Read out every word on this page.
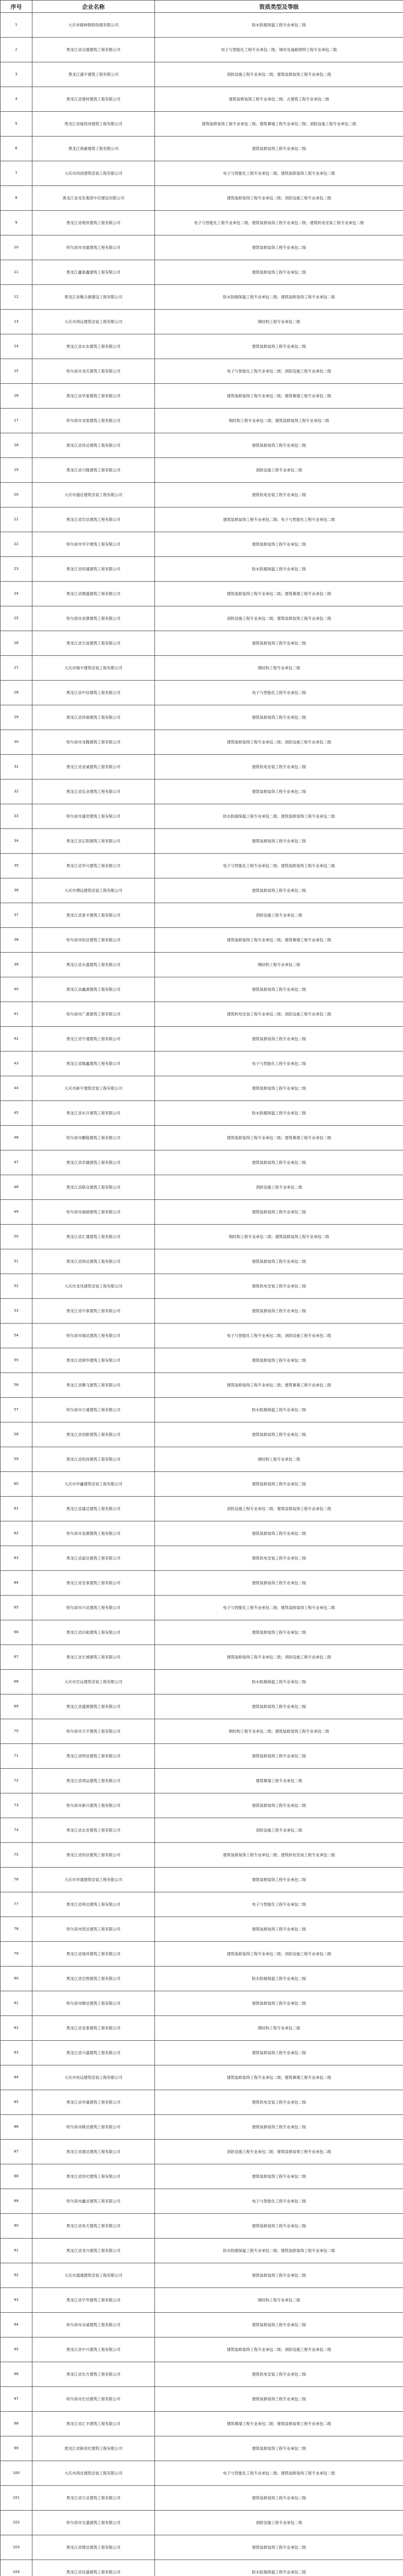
序号	企业名称	资质类型及等级
1	大庆市路林钢铁防腐有限公司	防水防腐保温工程专业承包二级
2	黑龙江省众德建筑工程有限公司	电子与智能化工程专业承包二级；城市及道路照明工程专业承包二级
3	黑龙江盛宇建筑工程有限公司	消防设施工程专业承包二级；建筑装修装饰工程专业承包二级
4	黑龙江省建材建筑工程有限公司	建筑装修装饰工程专业承包二级；古建筑工程专业承包二级
5	黑龙江省瑞昌泽建筑工程有限公司	建筑装修装饰工程专业承包二级；建筑幕墙工程专业承包二级；消防设施工程专业承包二级
6	黑龙江鸿豪建筑工程有限公司	建筑装修装饰工程专业承包二级
7	大庆市同创建筑安装工程有限公司	电子与智能化工程专业承包二级；建筑装修装饰工程专业承包二级
8	黑龙江省龙发集团中庆建设有限公司	建筑装修装饰工程专业承包二级；消防设施工程专业承包二级
9	黑龙江省地恒建筑工程有限公司	电子与智能化工程专业承包二级；建筑装修装饰工程专业承包二级；建筑机电安装工程专业承包二级
10	哈尔滨市龙厦建筑工程有限公司	建筑装修装饰工程专业承包二级
11	黑龙江鑫泰鑫建筑工程有限公司	建筑装修装饰工程专业承包二级
12	黑龙江省聚合源建设工程有限公司	防水防腐保温工程专业承包二级；建筑装修装饰工程专业承包二级
13	大庆市鸿远建筑安装工程有限公司	钢结构工程专业承包二级
14	黑龙江省永东建筑工程有限公司	建筑装修装饰工程专业承包二级
15	哈尔滨市龙庆建筑工程有限公司	电子与智能化工程专业承包二级；消防设施工程专业承包二级
16	黑龙江省华泰建筑工程有限公司	建筑装修装饰工程专业承包二级；建筑幕墙工程专业承包二级
17	哈尔滨市龙旭建筑工程有限公司	钢结构工程专业承包二级；建筑装修装饰工程专业承包二级
18	黑龙江省昌达建筑工程有限公司	建筑装修装饰工程专业承包二级
19	黑龙江省兴隆建筑工程有限公司	消防设施工程专业承包二级
20	大庆市盛达建筑安装工程有限公司	建筑机电安装工程专业承包二级
21	黑龙江省宏达建筑工程有限公司	建筑装修装饰工程专业承包二级；电子与智能化工程专业承包二级
22	哈尔滨市华宇建筑工程有限公司	建筑装修装饰工程专业承包二级
23	黑龙江省恒通建筑工程有限公司	防水防腐保温工程专业承包二级
24	黑龙江省鼎盛建筑工程有限公司	建筑装修装饰工程专业承包二级；建筑幕墙工程专业承包二级
25	哈尔滨市金鼎建筑工程有限公司	消防设施工程专业承包二级；建筑装修装饰工程专业承包二级
26	黑龙江省天成建筑工程有限公司	建筑装修装饰工程专业承包二级
27	大庆市瑞丰建筑安装工程有限公司	钢结构工程专业承包二级
28	黑龙江省中信建筑工程有限公司	电子与智能化工程专业承包二级
29	黑龙江省祥瑞建筑工程有限公司	建筑装修装饰工程专业承包二级
30	哈尔滨市龙腾建筑工程有限公司	建筑装修装饰工程专业承包二级；消防设施工程专业承包二级
31	黑龙江省金诚建筑工程有限公司	建筑机电安装工程专业承包二级
32	黑龙江省弘业建筑工程有限公司	建筑装修装饰工程专业承包二级
33	哈尔滨市盛世建筑工程有限公司	防水防腐保温工程专业承包二级；建筑装修装饰工程专业承包二级
34	黑龙江省正阳建筑工程有限公司	建筑装修装饰工程专业承包二级
35	黑龙江省华兴建筑工程有限公司	电子与智能化工程专业承包二级；建筑装修装饰工程专业承包二级
36	大庆市博远建筑安装工程有限公司	建筑装修装饰工程专业承包二级
37	黑龙江省泰丰建筑工程有限公司	消防设施工程专业承包二级
38	哈尔滨市恒达建筑工程有限公司	建筑装修装饰工程专业承包二级；建筑幕墙工程专业承包二级
39	黑龙江省永盛建筑工程有限公司	钢结构工程专业承包二级
40	黑龙江省鑫源建筑工程有限公司	建筑装修装饰工程专业承包二级
41	哈尔滨市广源建筑工程有限公司	建筑机电安装工程专业承包二级；消防设施工程专业承包二级
42	黑龙江省宇通建筑工程有限公司	建筑装修装饰工程专业承包二级
43	黑龙江省隆鑫建筑工程有限公司	电子与智能化工程专业承包二级
44	大庆市新宇建筑安装工程有限公司	建筑装修装饰工程专业承包二级
45	黑龙江省东升建筑工程有限公司	防水防腐保温工程专业承包二级
46	哈尔滨市鹏程建筑工程有限公司	建筑装修装饰工程专业承包二级；建筑幕墙工程专业承包二级
47	黑龙江省卓越建筑工程有限公司	建筑装修装饰工程专业承包二级
48	黑龙江省联众建筑工程有限公司	消防设施工程专业承包二级
49	哈尔滨市福瑞建筑工程有限公司	建筑装修装饰工程专业承包二级
50	黑龙江省汇通建筑工程有限公司	钢结构工程专业承包二级；建筑装修装饰工程专业承包二级
51	黑龙江省润达建筑工程有限公司	建筑装修装饰工程专业承包二级
52	大庆市龙凤建筑安装工程有限公司	建筑机电安装工程专业承包二级
53	黑龙江省中泰建筑工程有限公司	建筑装修装饰工程专业承包二级
54	哈尔滨市瑞达建筑工程有限公司	电子与智能化工程专业承包二级；消防设施工程专业承包二级
55	黑龙江省锦华建筑工程有限公司	建筑装修装饰工程专业承包二级
56	黑龙江省腾飞建筑工程有限公司	建筑装修装饰工程专业承包二级；建筑幕墙工程专业承包二级
57	哈尔滨市万通建筑工程有限公司	防水防腐保温工程专业承包二级
58	黑龙江省创新建筑工程有限公司	建筑装修装饰工程专业承包二级
59	黑龙江省恒昌建筑工程有限公司	钢结构工程专业承包二级
60	大庆市华鑫建筑安装工程有限公司	建筑装修装饰工程专业承包二级
61	黑龙江省盛达建筑工程有限公司	消防设施工程专业承包二级；建筑装修装饰工程专业承包二级
62	哈尔滨市金源建筑工程有限公司	建筑装修装饰工程专业承包二级
63	黑龙江省富达建筑工程有限公司	建筑机电安装工程专业承包二级
64	黑龙江省安泰建筑工程有限公司	建筑装修装饰工程专业承包二级
65	哈尔滨市兴达建筑工程有限公司	电子与智能化工程专业承包二级；建筑装修装饰工程专业承包二级
66	黑龙江省启航建筑工程有限公司	建筑装修装饰工程专业承包二级
67	黑龙江省长城建筑工程有限公司	建筑装修装饰工程专业承包二级；消防设施工程专业承包二级
68	大庆市宏远建筑安装工程有限公司	防水防腐保温工程专业承包二级
69	黑龙江省盛源建筑工程有限公司	建筑装修装饰工程专业承包二级
70	哈尔滨市天宇建筑工程有限公司	钢结构工程专业承包二级；建筑装修装饰工程专业承包二级
71	黑龙江省明达建筑工程有限公司	建筑装修装饰工程专业承包二级
72	黑龙江省鸿运建筑工程有限公司	建筑幕墙工程专业承包二级
73	哈尔滨市新兴建筑工程有限公司	建筑装修装饰工程专业承包二级
74	黑龙江省永安建筑工程有限公司	消防设施工程专业承包二级
75	黑龙江省恒信建筑工程有限公司	建筑装修装饰工程专业承包二级；建筑机电安装工程专业承包二级
76	大庆市华通建筑安装工程有限公司	建筑装修装饰工程专业承包二级
77	黑龙江省利达建筑工程有限公司	电子与智能化工程专业承包二级
78	哈尔滨市凯达建筑工程有限公司	建筑装修装饰工程专业承包二级
79	黑龙江省瑞祥建筑工程有限公司	建筑装修装饰工程专业承包二级；消防设施工程专业承包二级
80	黑龙江省宏图建筑工程有限公司	防水防腐保温工程专业承包二级
81	哈尔滨市顺达建筑工程有限公司	建筑装修装饰工程专业承包二级
82	黑龙江省金泰建筑工程有限公司	钢结构工程专业承包二级
83	黑龙江省兴盛建筑工程有限公司	建筑装修装饰工程专业承包二级
84	大庆市恒远建筑安装工程有限公司	建筑装修装饰工程专业承包二级；建筑幕墙工程专业承包二级
85	黑龙江省华盛建筑工程有限公司	建筑机电安装工程专业承包二级
86	哈尔滨市隆达建筑工程有限公司	建筑装修装饰工程专业承包二级
87	黑龙江省通达建筑工程有限公司	消防设施工程专业承包二级；建筑装修装饰工程专业承包二级
88	黑龙江省世纪建筑工程有限公司	建筑装修装饰工程专业承包二级
89	哈尔滨市鑫达建筑工程有限公司	电子与智能化工程专业承包二级
90	黑龙江省昊天建筑工程有限公司	建筑装修装饰工程专业承包二级
91	黑龙江省龙兴建筑工程有限公司	防水防腐保温工程专业承包二级；建筑装修装饰工程专业承包二级
92	大庆市盛通建筑安装工程有限公司	建筑装修装饰工程专业承包二级
93	黑龙江省宇华建筑工程有限公司	钢结构工程专业承包二级
94	哈尔滨市众诚建筑工程有限公司	建筑装修装饰工程专业承包二级
95	黑龙江省中兴建筑工程有限公司	建筑装修装饰工程专业承包二级；消防设施工程专业承包二级
96	黑龙江省东方建筑工程有限公司	建筑机电安装工程专业承包二级
97	哈尔滨市宏达建筑工程有限公司	建筑装修装饰工程专业承包二级
98	黑龙江省汇丰建筑工程有限公司	建筑幕墙工程专业承包二级；建筑装修装饰工程专业承包二级
99	黑龙江省新世纪建筑工程有限公司	建筑装修装饰工程专业承包二级
100	大庆市鸿达建筑安装工程有限公司	电子与智能化工程专业承包二级；建筑装修装饰工程专业承包二级
101	黑龙江省万达建筑工程有限公司	建筑装修装饰工程专业承包二级
102	哈尔滨市宝盛建筑工程有限公司	消防设施工程专业承包二级
103	黑龙江省建达建筑工程有限公司	建筑装修装饰工程专业承包二级
104	黑龙江省佳盛建筑工程有限公司	防水防腐保温工程专业承包二级
